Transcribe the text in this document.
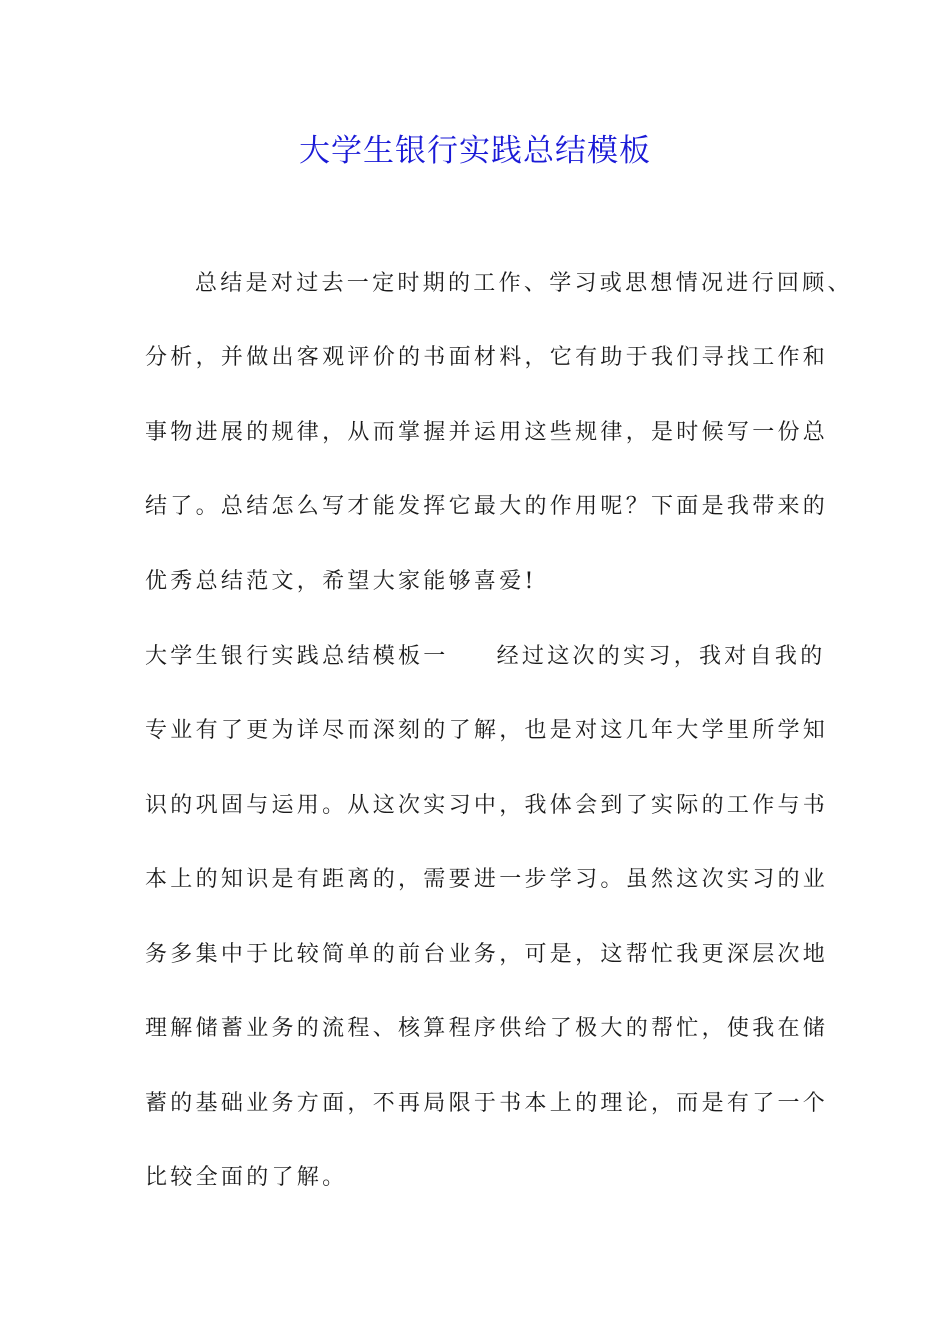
大学生银行实践总结模板
总结是对过去一定时期的工作、学习或思想情况进行回顾、
分析，并做出客观评价的书面材料，它有助于我们寻找工作和
事物进展的规律，从而掌握并运用这些规律，是时候写一份总
结了。总结怎么写才能发挥它最大的作用呢？下面是我带来的
优秀总结范文，希望大家能够喜爱!
大学生银行实践总结模板一 经过这次的实习，我对自我的
专业有了更为详尽而深刻的了解，也是对这几年大学里所学知
识的巩固与运用。从这次实习中，我体会到了实际的工作与书
本上的知识是有距离的，需要进一步学习。虽然这次实习的业
务多集中于比较简单的前台业务，可是，这帮忙我更深层次地
理解储蓄业务的流程、核算程序供给了极大的帮忙，使我在储
蓄的基础业务方面，不再局限于书本上的理论，而是有了一个
比较全面的了解。
